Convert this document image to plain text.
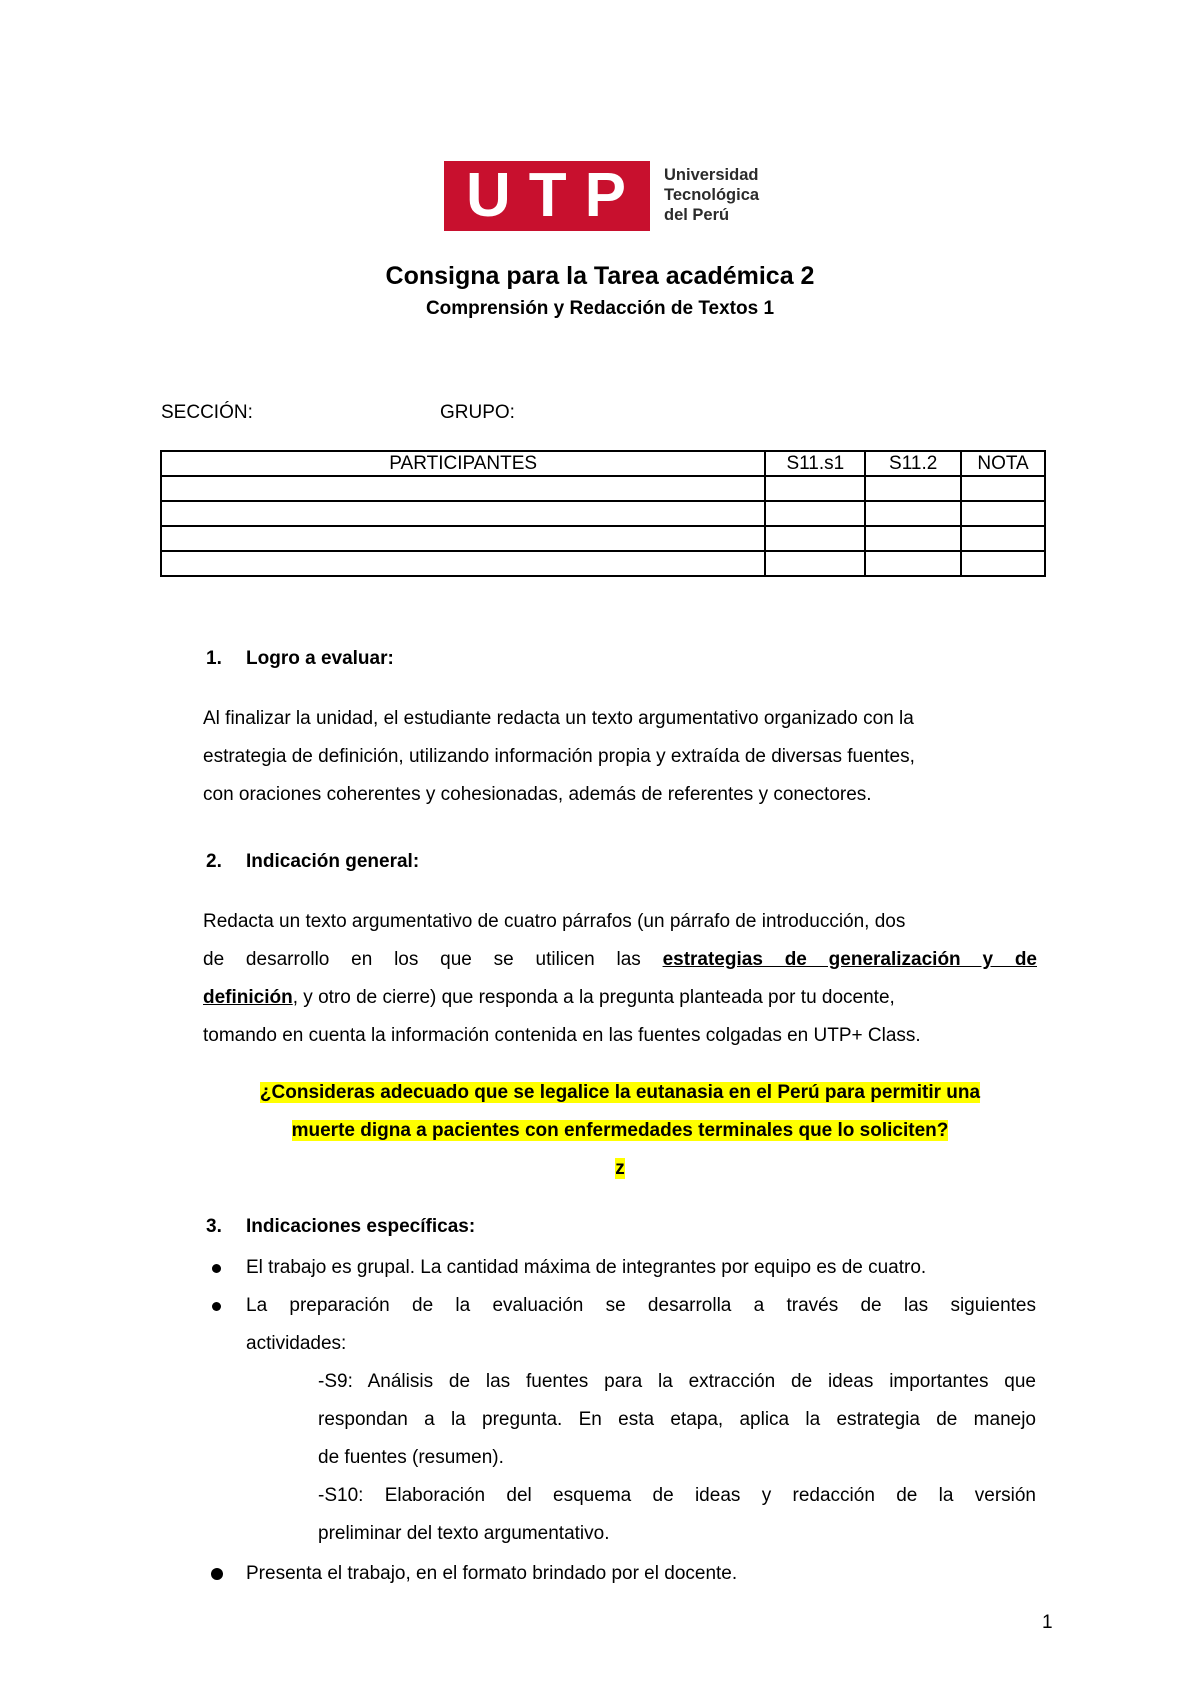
U T P Universidad
Tecnológica
del Perú
Consigna para la Tarea académica 2
Comprensión y Redacción de Textos 1
SECCIÓN:	GRUPO:
PARTICIPANTES	S11.s1	S11.2	NOTA

1. Logro a evaluar:
Al finalizar la unidad, el estudiante redacta un texto argumentativo organizado con la
estrategia de definición, utilizando información propia y extraída de diversas fuentes,
con oraciones coherentes y cohesionadas, además de referentes y conectores.
2. Indicación general:
Redacta un texto argumentativo de cuatro párrafos (un párrafo de introducción, dos
de desarrollo en los que se utilicen las estrategias de generalización y de
definición, y otro de cierre) que responda a la pregunta planteada por tu docente,
tomando en cuenta la información contenida en las fuentes colgadas en UTP+ Class.
¿Consideras adecuado que se legalice la eutanasia en el Perú para permitir una
muerte digna a pacientes con enfermedades terminales que lo soliciten?
z
3. Indicaciones específicas:
El trabajo es grupal. La cantidad máxima de integrantes por equipo es de cuatro.
La preparación de la evaluación se desarrolla a través de las siguientes
actividades:
-S9: Análisis de las fuentes para la extracción de ideas importantes que
respondan a la pregunta. En esta etapa, aplica la estrategia de manejo
de fuentes (resumen).
-S10: Elaboración del esquema de ideas y redacción de la versión
preliminar del texto argumentativo.
Presenta el trabajo, en el formato brindado por el docente.
1
